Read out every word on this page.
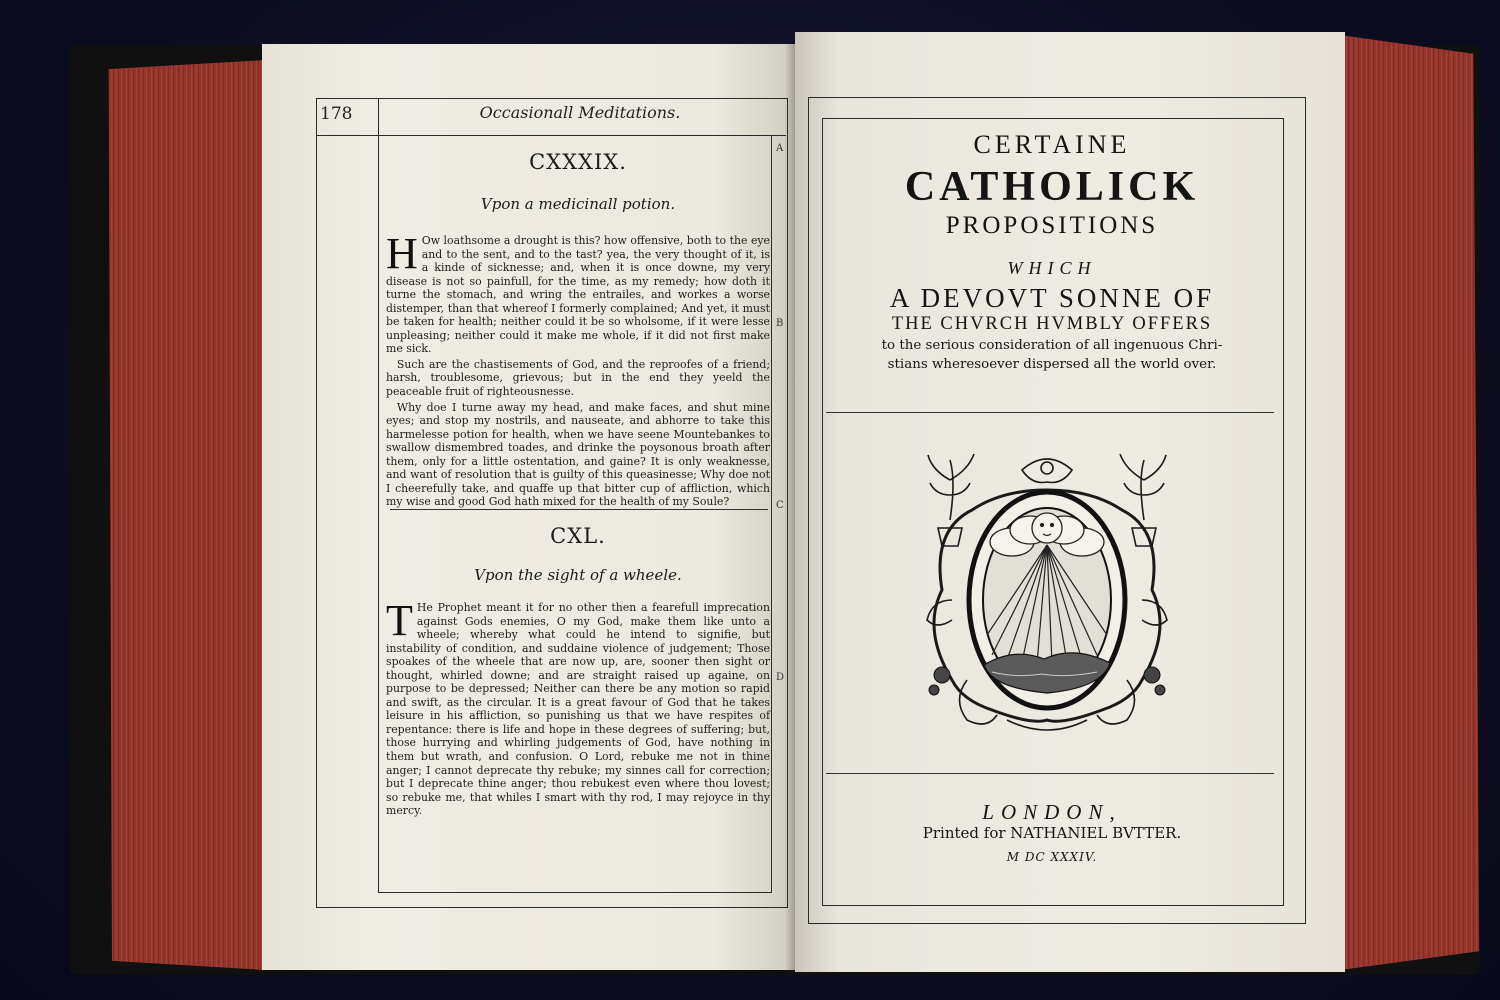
178	Occasionall Meditations.
A
B
C
D
CXXXIX.
Vpon a medicinall potion.

H Ow loathsome a drought is this? how offensive, both to the eye and to the sent, and to the tast? yea, the very thought of it, is a kinde of sicknesse; and, when it is once downe, my very disease is not so painfull, for the time, as my remedy; how doth it turne the stomach, and wring the entrailes, and workes a worse distemper, than that whereof I formerly complained; And yet, it must be taken for health; neither could it be so wholsome, if it were lesse unpleasing; neither could it make me whole, if it did not first make me sick.

Such are the chastisements of God, and the reproofes of a friend; harsh, troublesome, grievous; but in the end they yeeld the peaceable fruit of righteousnesse.

Why doe I turne away my head, and make faces, and shut mine eyes; and stop my nostrils, and nauseate, and abhorre to take this harmelesse potion for health, when we have seene Mountebankes to swallow dismembred toades, and drinke the poysonous broath after them, only for a little ostentation, and gaine? It is only weaknesse, and want of resolution that is guilty of this queasinesse; Why doe not I cheerefully take, and quaffe up that bitter cup of affliction, which my wise and good God hath mixed for the health of my Soule?

CXL.
Vpon the sight of a wheele.

T He Prophet meant it for no other then a fearefull imprecation against Gods enemies, O my God, make them like unto a wheele; whereby what could he intend to signifie, but instability of condition, and suddaine violence of judgement; Those spoakes of the wheele that are now up, are, sooner then sight or thought, whirled downe; and are straight raised up againe, on purpose to be depressed; Neither can there be any motion so rapid and swift, as the circular. It is a great favour of God that he takes leisure in his affliction, so punishing us that we have respites of repentance: there is life and hope in these degrees of suffering; but, those hurrying and whirling judgements of God, have nothing in them but wrath, and confusion. O Lord, rebuke me not in thine anger; I cannot deprecate thy rebuke; my sinnes call for correction; but I deprecate thine anger; thou rebukest even where thou lovest; so rebuke me, that whiles I smart with thy rod, I may rejoyce in thy mercy.

CERTAINE

CATHOLICK

PROPOSITIONS

WHICH

A DEVOVT SONNE OF

THE CHVRCH HVMBLY OFFERS

to the serious consideration of all ingenuous Chri-

stians wheresoever dispersed all the world over.

LONDON,

Printed for NATHANIEL BVTTER.

M DC XXXIV.
